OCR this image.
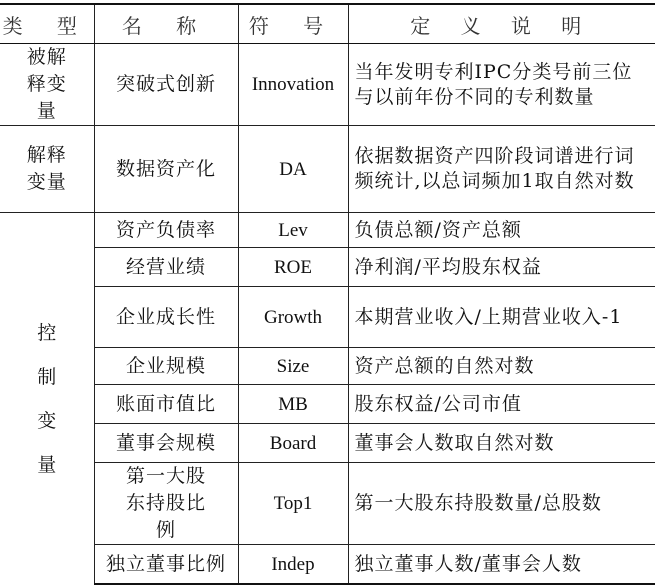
类 型	名 称	符 号	定 义 说 明
被解释变量	突破式创新	Innovation	当年发明专利IPC分类号前三位与以前年份不同的专利数量
解释变量	数据资产化	DA	依据数据资产四阶段词谱进行词频统计,以总词频加1取自然对数
控制变量	资产负债率	Lev	负债总额/资产总额
	经营业绩	ROE	净利润/平均股东权益
	企业成长性	Growth	本期营业收入/上期营业收入-1
	企业规模	Size	资产总额的自然对数
	账面市值比	MB	股东权益/公司市值
	董事会规模	Board	董事会人数取自然对数
	第一大股东持股比例	Top1	第一大股东持股数量/总股数
	独立董事比例	Indep	独立董事人数/董事会人数
